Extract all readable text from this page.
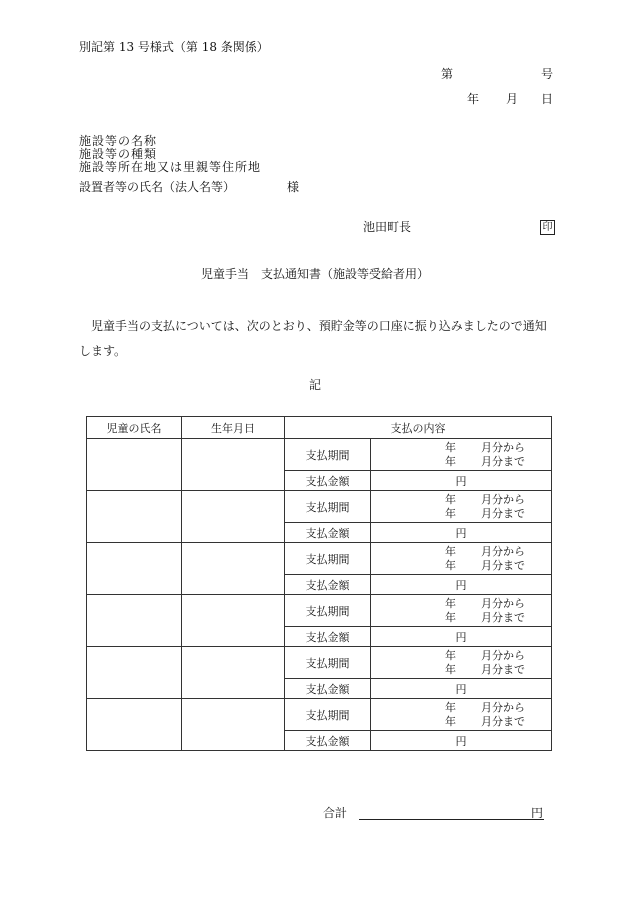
別記第 13 号様式（第 18 条関係）
第	号
年 月 日
施設等の名称
施設等の種類
施設等所在地又は里親等住所地
設置者等の氏名（法人名等）	様
池田町長	印
児童手当　支払通知書（施設等受給者用）
　児童手当の支払については、次のとおり、預貯金等の口座に振り込みましたので通知します。
記
児童の氏名	生年月日	支払の内容	
		支払期間	年 月分から
年 月分まで

		支払金額	円
		支払期間	年 月分から
年 月分まで

		支払金額	円
		支払期間	年 月分から
年 月分まで

		支払金額	円
		支払期間	年 月分から
年 月分まで

		支払金額	円
		支払期間	年 月分から
年 月分まで

		支払金額	円
		支払期間	年 月分から
年 月分まで

		支払金額	円
合計	円
